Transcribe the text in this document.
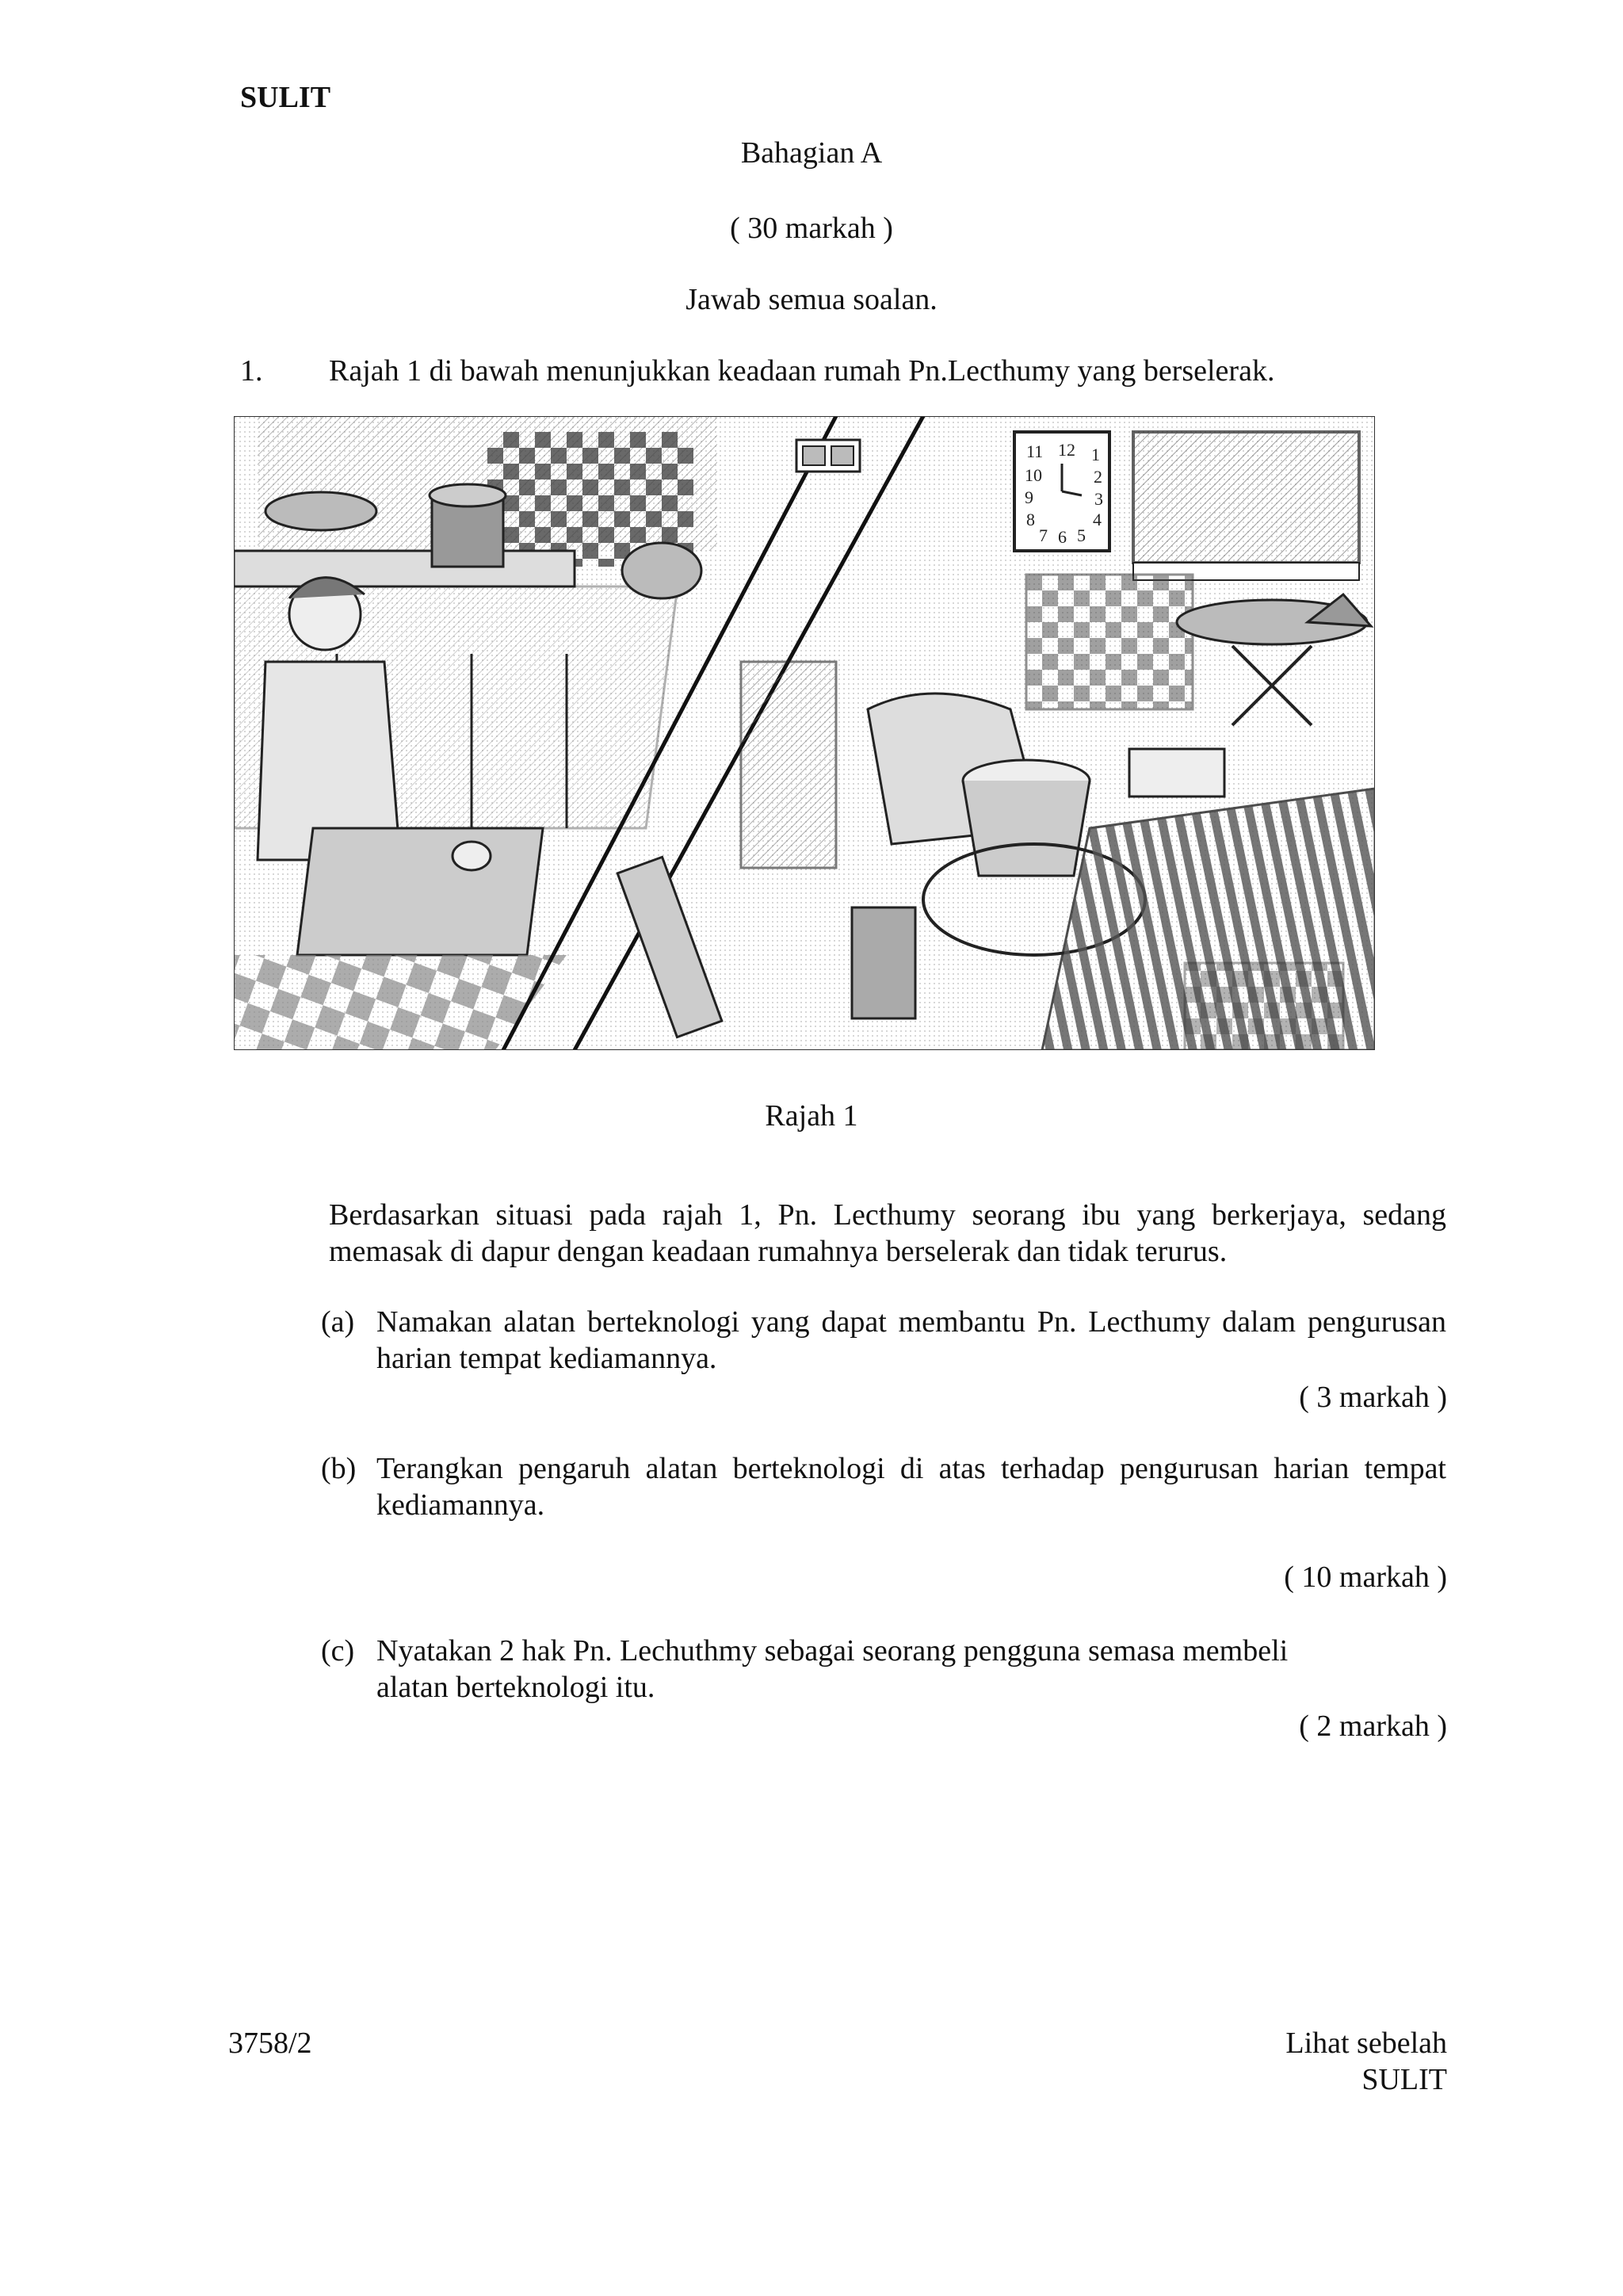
SULIT
Bahagian A
( 30 markah )
Jawab semua soalan.
1. Rajah 1 di bawah menunjukkan keadaan rumah Pn.Lecthumy yang berselerak.
11 12 1
10	2
9	3
8	4
7 6 5
Rajah 1
Berdasarkan situasi pada rajah 1, Pn. Lecthumy seorang ibu yang berkerjaya, sedang memasak di dapur dengan keadaan rumahnya berselerak dan tidak terurus.
(a) Namakan alatan berteknologi yang dapat membantu Pn. Lecthumy dalam pengurusan harian tempat kediamannya.
( 3 markah )
(b) Terangkan pengaruh alatan berteknologi di atas terhadap pengurusan harian tempat kediamannya.
( 10 markah )
(c) Nyatakan 2 hak Pn. Lechuthmy sebagai seorang pengguna semasa membeli alatan berteknologi itu.
( 2 markah )
3758/2	Lihat sebelah
SULIT
